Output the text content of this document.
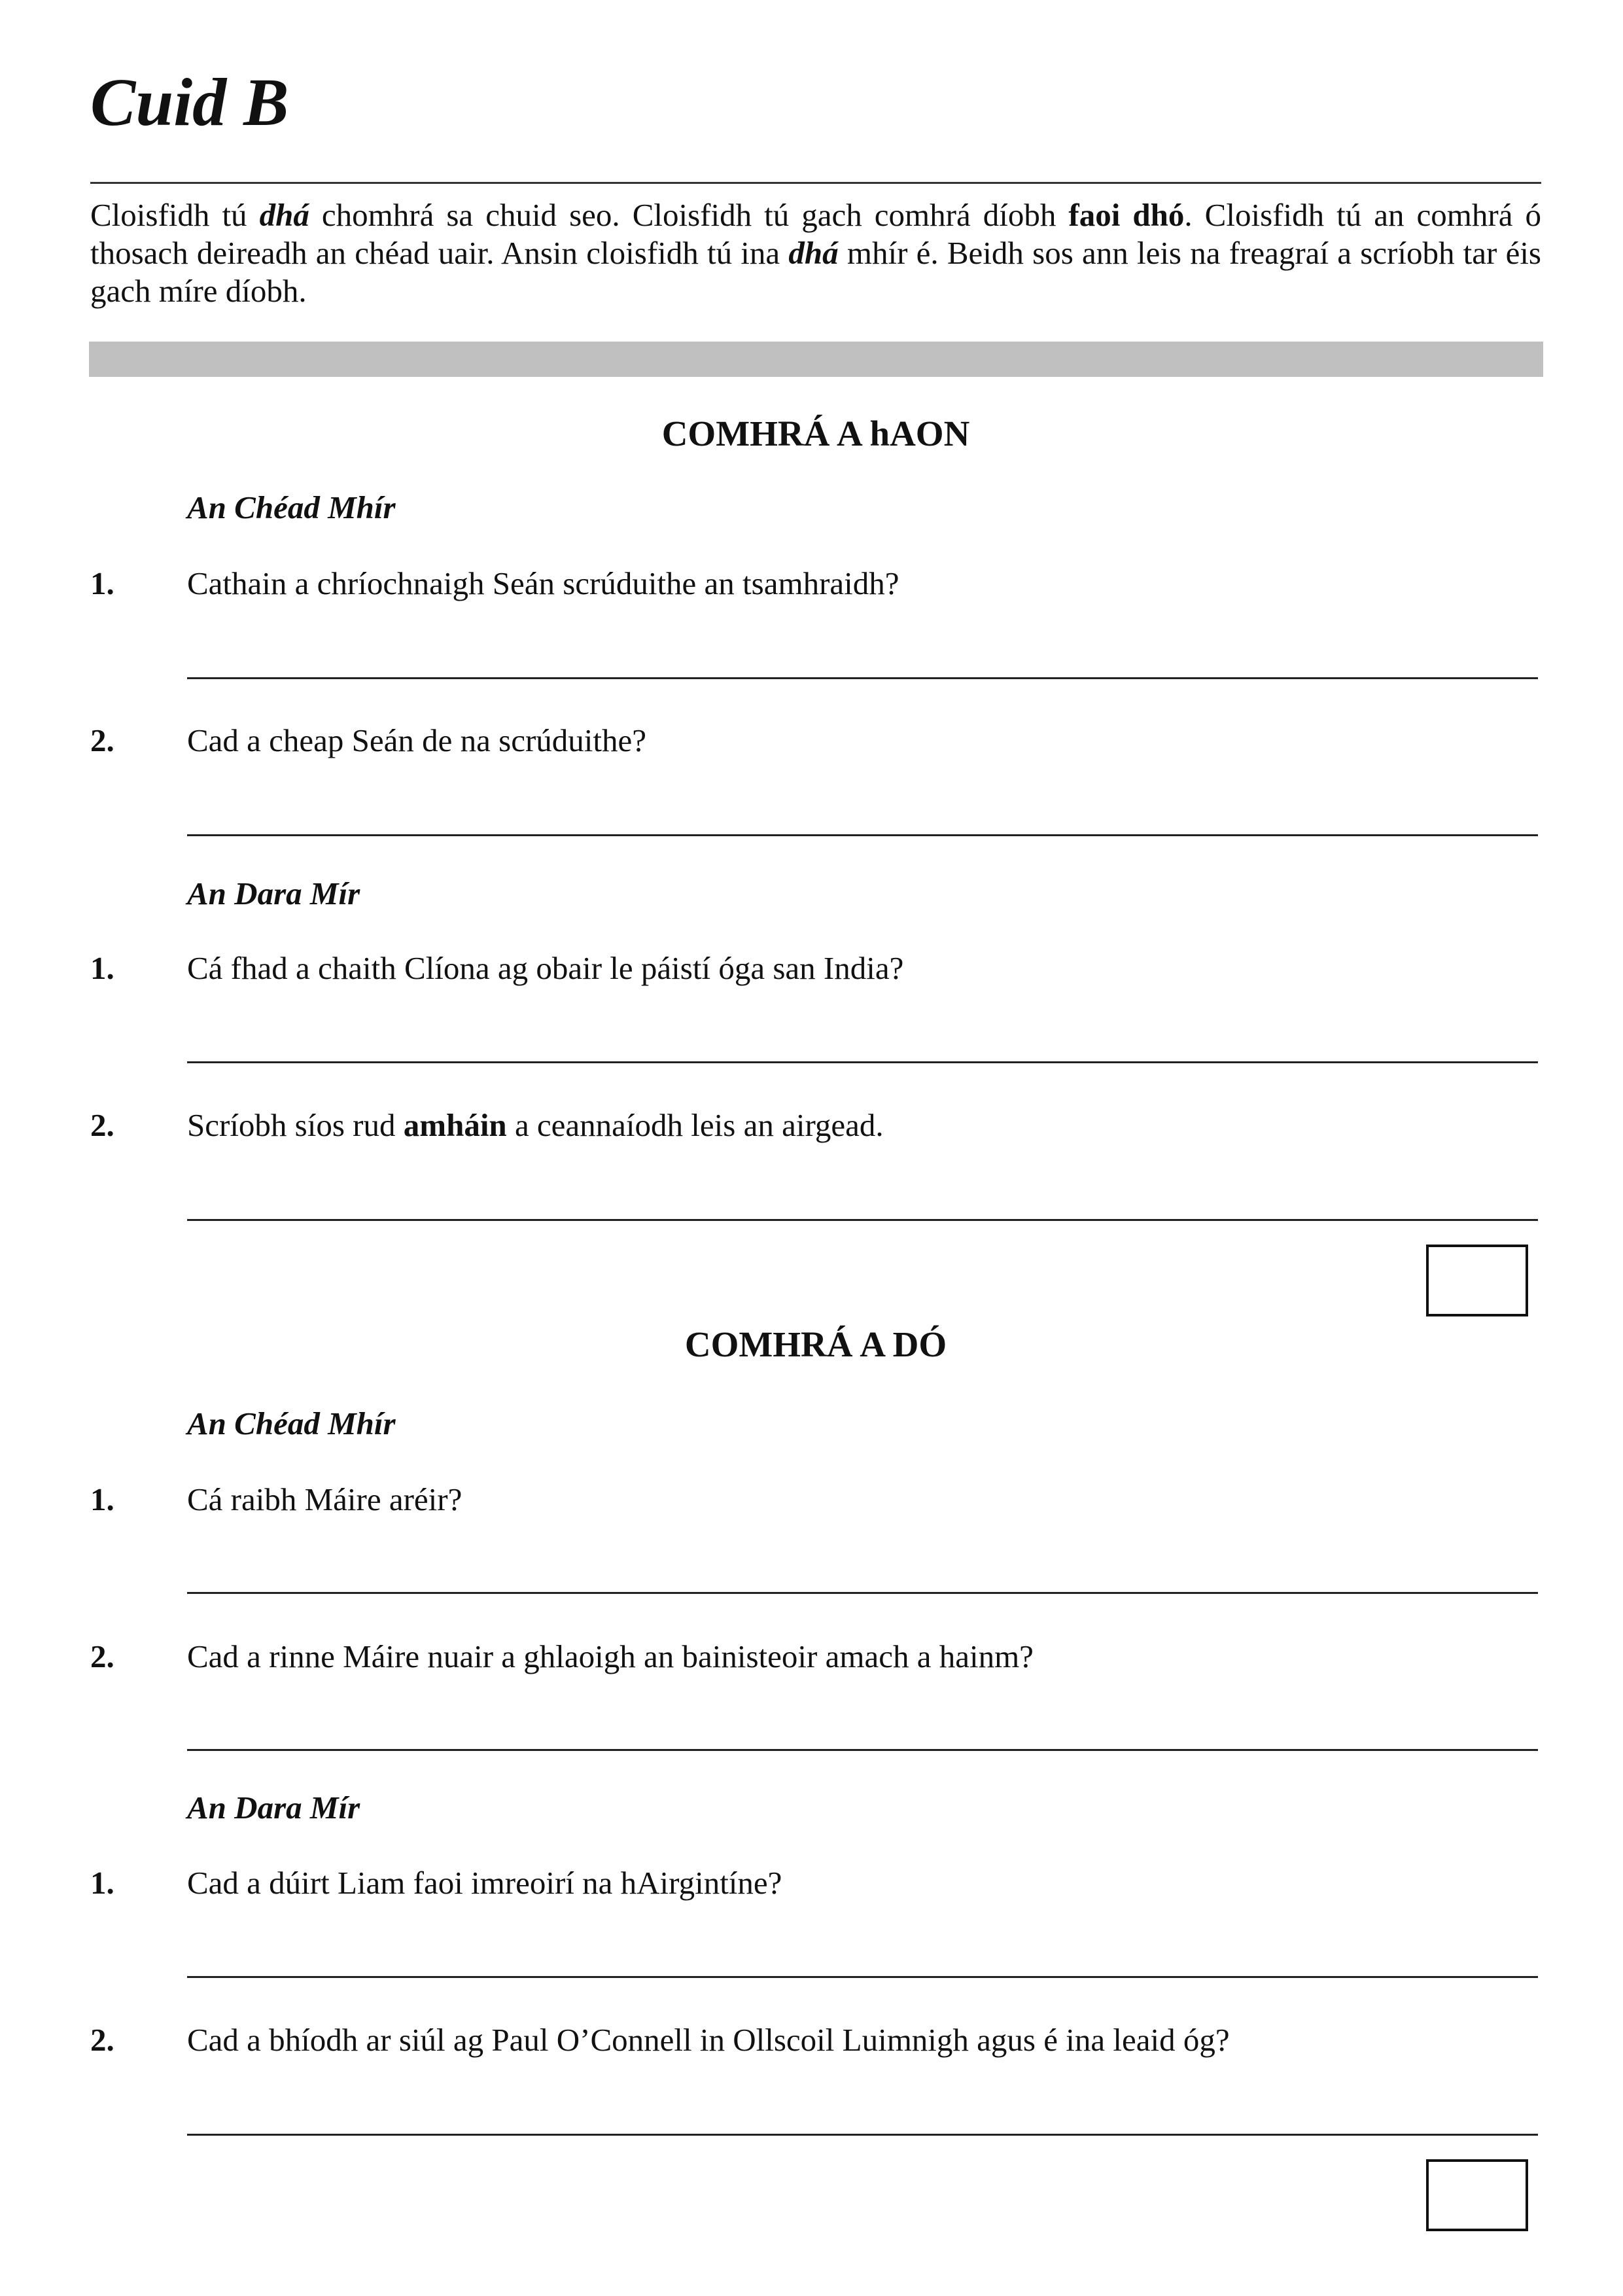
Cuid B

Cloisfidh tú dhá chomhrá sa chuid seo. Cloisfidh tú gach comhrá díobh faoi dhó. Cloisfidh tú an comhrá ó thosach deireadh an chéad uair. Ansin cloisfidh tú ina dhá mhír é. Beidh sos ann leis na freagraí a scríobh tar éis gach míre díobh.

COMHRÁ A hAON
An Chéad Mhír
1. Cathain a chríochnaigh Seán scrúduithe an tsamhraidh?
2. Cad a cheap Seán de na scrúduithe?
An Dara Mír
1. Cá fhad a chaith Clíona ag obair le páistí óga san India?
2. Scríobh síos rud amháin a ceannaíodh leis an airgead.
COMHRÁ A DÓ
An Chéad Mhír
1. Cá raibh Máire aréir?
2. Cad a rinne Máire nuair a ghlaoigh an bainisteoir amach a hainm?
An Dara Mír
1. Cad a dúirt Liam faoi imreoirí na hAirgintíne?
2. Cad a bhíodh ar siúl ag Paul O’Connell in Ollscoil Luimnigh agus é ina leaid óg?
